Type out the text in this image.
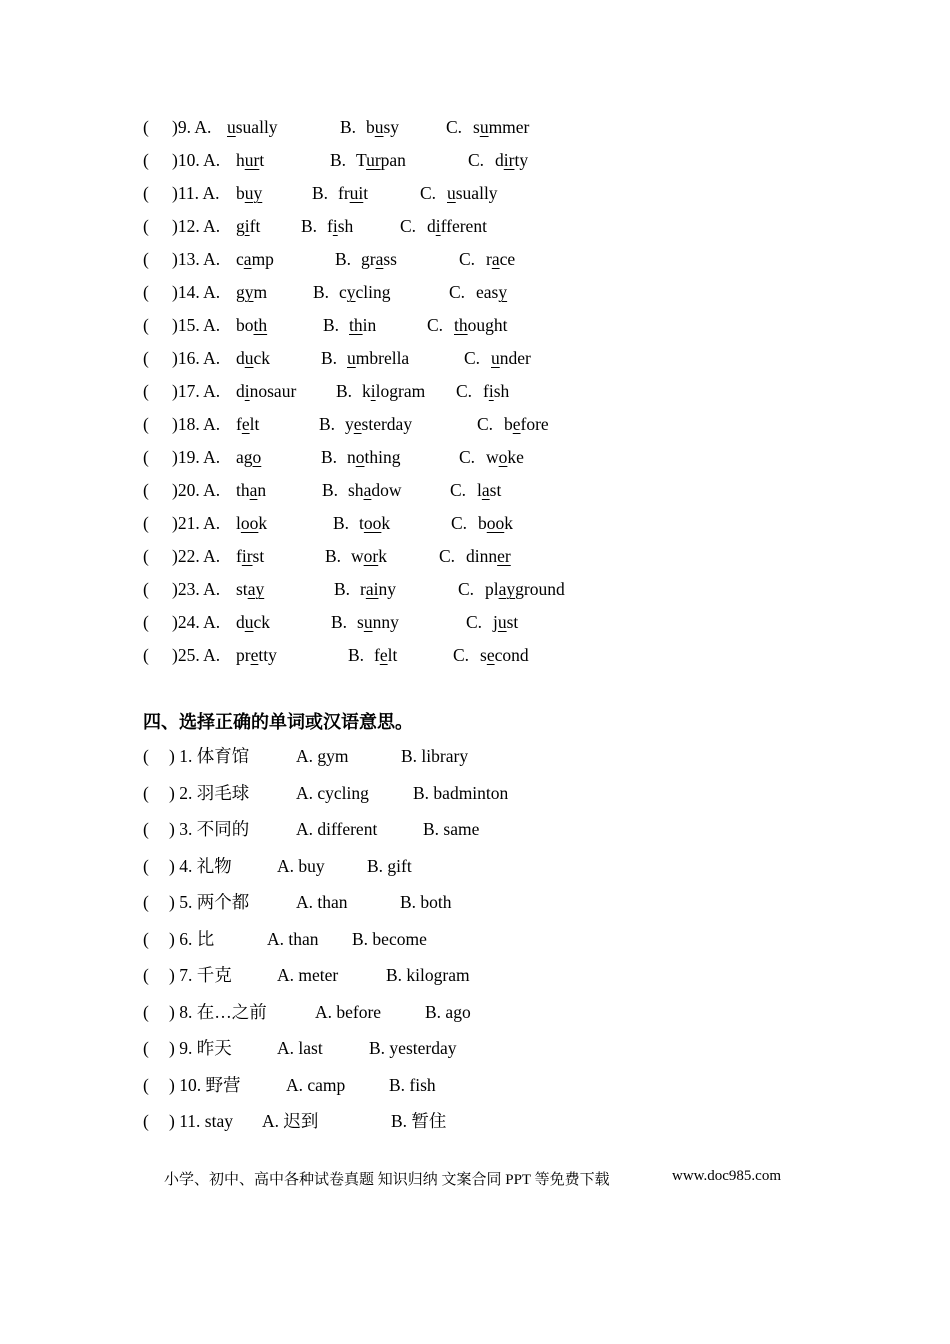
( )9. A. usually	B. busy	C. summer
( )10. A. hurt	B. Turpan	C. dirty
( )11. A. buy	B. fruit	C. usually
( )12. A. gift B. fish	C. different
( )13. A. camp	B. grass	C. race
( )14. A. gym	B. cycling	C. easy
( )15. A. both	B. thin	C. thought
( )16. A. duck	B. umbrella	C. under
( )17. A. dinosaur B. kilogram C. fish
( )18. A. felt	B. yesterday	C. before
( )19. A. ago	B. nothing	C. woke
( )20. A. than	B. shadow	C. last
( )21. A. look	B. took	C. book
( )22. A. first	B. work	C. dinner
( )23. A. stay	B. rainy	C. playground
( )24. A. duck	B. sunny	C. just
( )25. A. pretty	B. felt	C. second
四、选择正确的单词或汉语意思。
( ) 1. 体育馆	A. gym	B. library
( ) 2. 羽毛球	A. cycling	B. badminton
( ) 3. 不同的	A. different	B. same
( ) 4. 礼物	A. buy B. gift
( ) 5. 两个都	A. than	B. both
( ) 6. 比	A. than B. become
( ) 7. 千克	A. meter	B. kilogram
( ) 8. 在…之前	A. before	B. ago
( ) 9. 昨天	A. last	B. yesterday
( ) 10. 野营	A. camp B. fish
( ) 11. stay A. 迟到	B. 暂住
小学、初中、高中各种试卷真题 知识归纳 文案合同 PPT 等免费下载	www.doc985.com
